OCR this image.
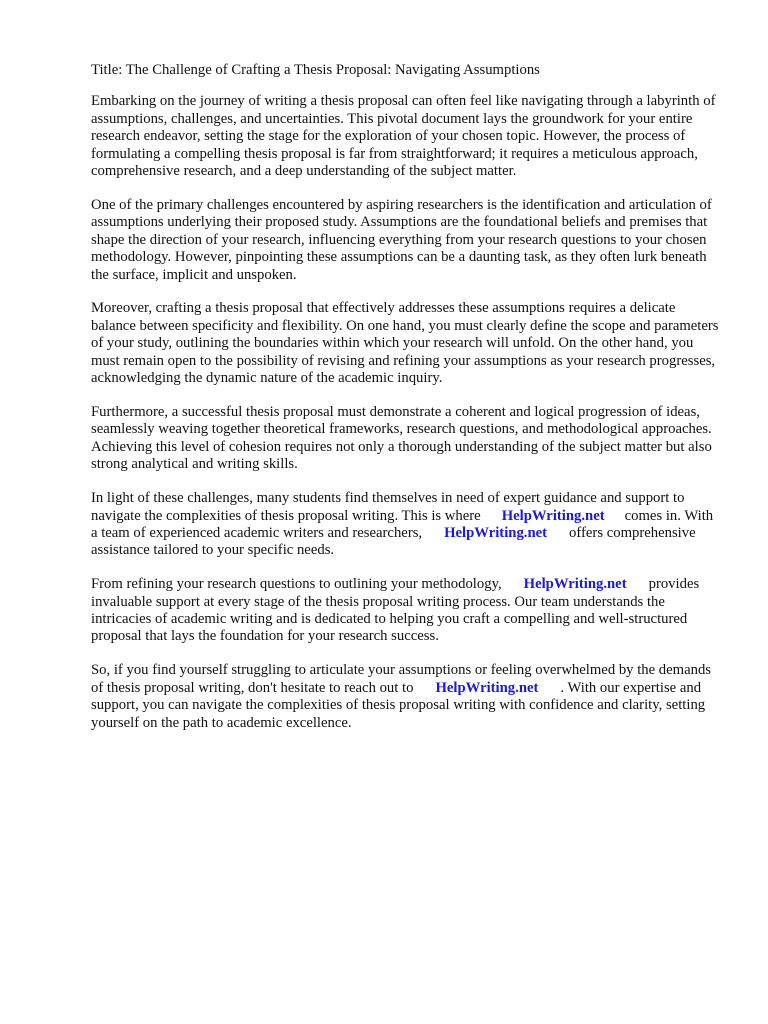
Title: The Challenge of Crafting a Thesis Proposal: Navigating Assumptions

Embarking on the journey of writing a thesis proposal can often feel like navigating through a labyrinth of assumptions, challenges, and uncertainties. This pivotal document lays the groundwork for your entire research endeavor, setting the stage for the exploration of your chosen topic. However, the process of formulating a compelling thesis proposal is far from straightforward; it requires a meticulous approach, comprehensive research, and a deep understanding of the subject matter.

One of the primary challenges encountered by aspiring researchers is the identification and articulation of assumptions underlying their proposed study. Assumptions are the foundational beliefs and premises that shape the direction of your research, influencing everything from your research questions to your chosen methodology. However, pinpointing these assumptions can be a daunting task, as they often lurk beneath the surface, implicit and unspoken.

Moreover, crafting a thesis proposal that effectively addresses these assumptions requires a delicate balance between specificity and flexibility. On one hand, you must clearly define the scope and parameters of your study, outlining the boundaries within which your research will unfold. On the other hand, you must remain open to the possibility of revising and refining your assumptions as your research progresses, acknowledging the dynamic nature of the academic inquiry.

Furthermore, a successful thesis proposal must demonstrate a coherent and logical progression of ideas, seamlessly weaving together theoretical frameworks, research questions, and methodological approaches. Achieving this level of cohesion requires not only a thorough understanding of the subject matter but also strong analytical and writing skills.

In light of these challenges, many students find themselves in need of expert guidance and support to navigate the complexities of thesis proposal writing. This is where HelpWriting.net comes in. With a team of experienced academic writers and researchers, HelpWriting.net offers comprehensive assistance tailored to your specific needs.

From refining your research questions to outlining your methodology, HelpWriting.net provides invaluable support at every stage of the thesis proposal writing process. Our team understands the intricacies of academic writing and is dedicated to helping you craft a compelling and well-structured proposal that lays the foundation for your research success.

So, if you find yourself struggling to articulate your assumptions or feeling overwhelmed by the demands of thesis proposal writing, don't hesitate to reach out to HelpWriting.net . With our expertise and support, you can navigate the complexities of thesis proposal writing with confidence and clarity, setting yourself on the path to academic excellence.
